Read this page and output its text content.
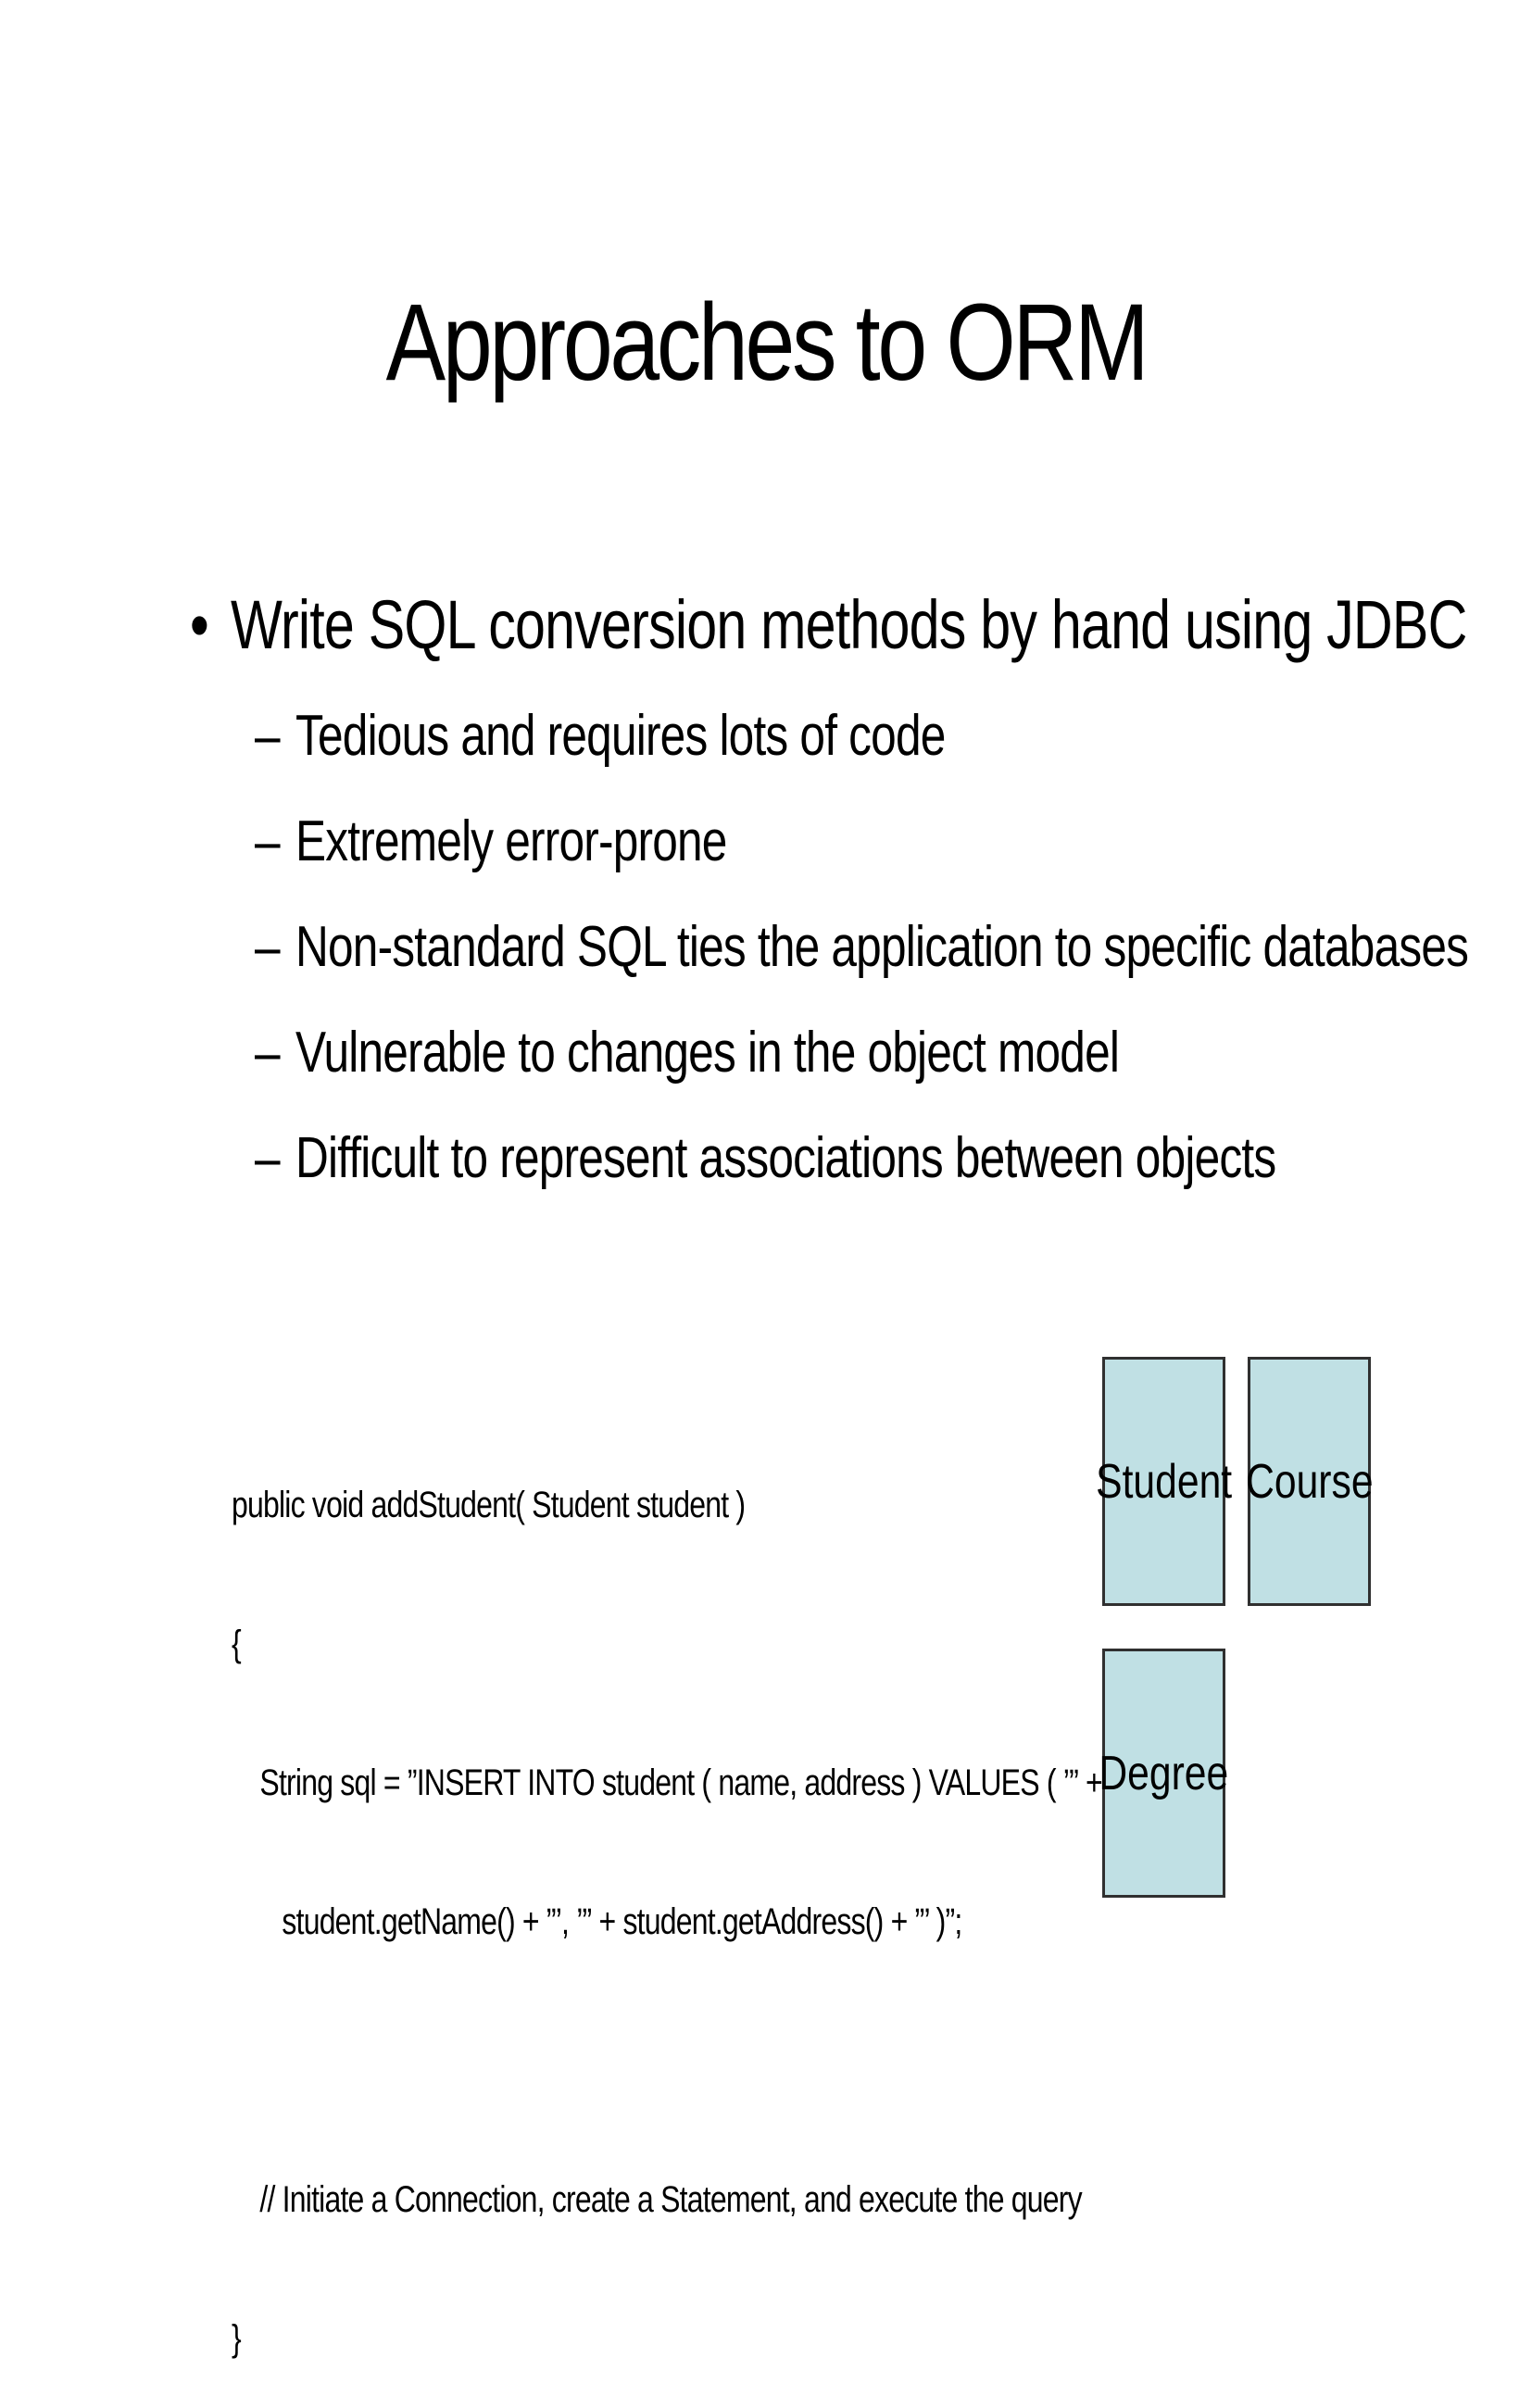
Approaches to ORM
• Write SQL conversion methods by hand using JDBC
– Tedious and requires lots of code
– Extremely error-prone
– Non-standard SQL ties the application to specific databases
– Vulnerable to changes in the object model
– Difficult to represent associations between objects

public void addStudent( Student student )

{

String sql = ”INSERT INTO student ( name, address ) VALUES ( ’” +

student.getName() + ”’, ’” + student.getAddress() + ”’ )”;

// Initiate a Connection, create a Statement, and execute the query

}

Student Course
Degree
